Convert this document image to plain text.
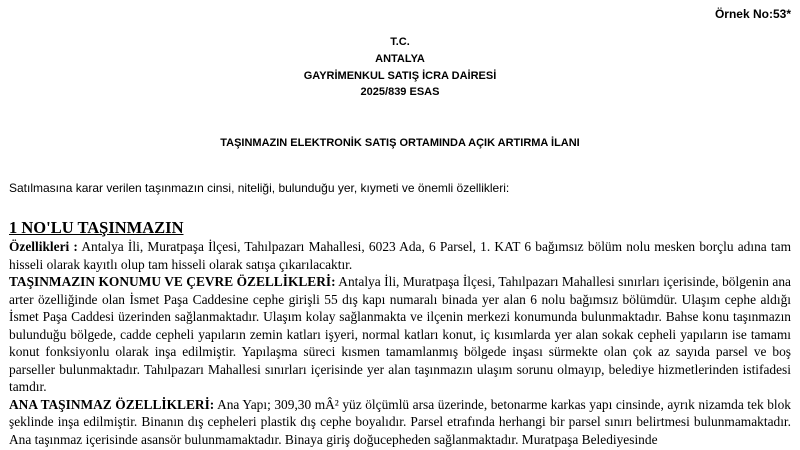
Örnek No:53*
T.C.
ANTALYA
GAYRİMENKUL SATIŞ İCRA DAİRESİ
2025/839 ESAS
TAŞINMAZIN ELEKTRONİK SATIŞ ORTAMINDA AÇIK ARTIRMA İLANI
Satılmasına karar verilen taşınmazın cinsi, niteliği, bulunduğu yer, kıymeti ve önemli özellikleri:
1 NO'LU TAŞINMAZIN

Özellikleri : Antalya İli, Muratpaşa İlçesi, Tahılpazarı Mahallesi, 6023 Ada, 6 Parsel, 1. KAT 6 bağımsız bölüm nolu mesken borçlu adına tam hisseli olarak kayıtlı olup tam hisseli olarak satışa çıkarılacaktır.

TAŞINMAZIN KONUMU VE ÇEVRE ÖZELLİKLERİ: Antalya İli, Muratpaşa İlçesi, Tahılpazarı Mahallesi sınırları içerisinde, bölgenin ana arter özelliğinde olan İsmet Paşa Caddesine cephe girişli 55 dış kapı numaralı binada yer alan 6 nolu bağımsız bölümdür. Ulaşım cephe aldığı İsmet Paşa Caddesi üzerinden sağlanmaktadır. Ulaşım kolay sağlanmakta ve ilçenin merkezi konumunda bulunmaktadır. Bahse konu taşınmazın bulunduğu bölgede, cadde cepheli yapıların zemin katları işyeri, normal katları konut, iç kısımlarda yer alan sokak cepheli yapıların ise tamamı konut fonksiyonlu olarak inşa edilmiştir. Yapılaşma süreci kısmen tamamlanmış bölgede inşası sürmekte olan çok az sayıda parsel ve boş parseller bulunmaktadır. Tahılpazarı Mahallesi sınırları içerisinde yer alan taşınmazın ulaşım sorunu olmayıp, belediye hizmetlerinden istifadesi tamdır.

ANA TAŞINMAZ ÖZELLİKLERİ: Ana Yapı; 309,30 mÂ² yüz ölçümlü arsa üzerinde, betonarme karkas yapı cinsinde, ayrık nizamda tek blok şeklinde inşa edilmiştir. Binanın dış cepheleri plastik dış cephe boyalıdır. Parsel etrafında herhangi bir parsel sınırı belirtmesi bulunmamaktadır. Ana taşınmaz içerisinde asansör bulunmamaktadır. Binaya giriş doğucepheden sağlanmaktadır. Muratpaşa Belediyesinde
